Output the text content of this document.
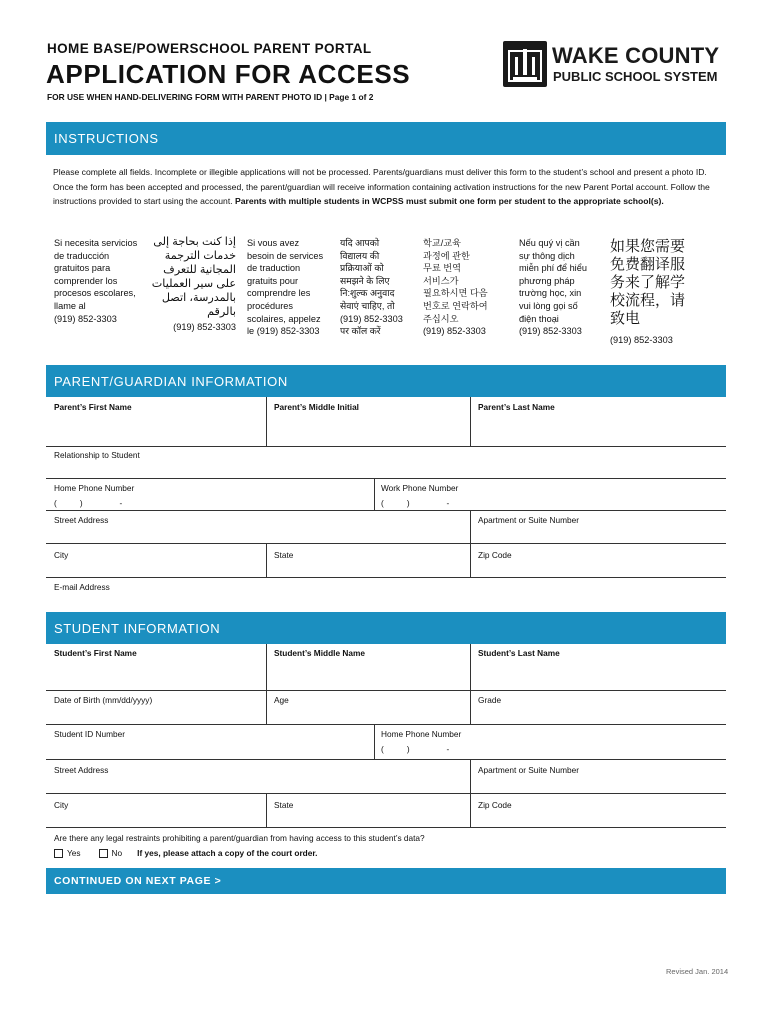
HOME BASE/POWERSCHOOL PARENT PORTAL
APPLICATION FOR ACCESS
FOR USE WHEN HAND-DELIVERING FORM WITH PARENT PHOTO ID | Page 1 of 2
WAKE COUNTY
PUBLIC SCHOOL SYSTEM
INSTRUCTIONS
Please complete all fields. Incomplete or illegible applications will not be processed. Parents/guardians must deliver this form to the student’s school and present a photo ID. Once the form has been accepted and processed, the parent/guardian will receive information containing activation instructions for the new Parent Portal account. Follow the instructions provided to start using the account. Parents with multiple students in WCPSS must submit one form per student to the appropriate school(s).
Si necesita servicios
de traducción
gratuitos para
comprender los
procesos escolares,
llame al
(919) 852-3303
إذا كنت بحاجة إلى
خدمات الترجمة
المجانية للتعرف
على سير العمليات
بالمدرسة، اتصل
بالرقم
(919) 852-3303
Si vous avez
besoin de services
de traduction
gratuits pour
comprendre les
procédures
scolaires, appelez
le (919) 852-3303
यदि आपको
विद्यालय की
प्रक्रियाओं को
समझने के लिए
नि:शुल्क अनुवाद
सेवाएं चाहिए, तो
(919) 852-3303
पर कॉल करें
학교/교육
과정에 관한
무료 번역
서비스가
필요하시면 다음
번호로 연락하여
주십시오
(919) 852-3303
Nếu quý vị cần
sự thông dịch
miễn phí để hiểu
phương pháp
trường học, xin
vui lòng gọi số
điện thoại
(919) 852-3303
如果您需要
免费翻译服
务来了解学
校流程，请
致电
(919) 852-3303
PARENT/GUARDIAN INFORMATION
Parent’s First Name	Parent’s Middle Initial	Parent’s Last Name
Relationship to Student
Home Phone Number
(          )                -
Work Phone Number
(          )                -
Street Address	Apartment or Suite Number
City	State	Zip Code
E-mail Address
STUDENT INFORMATION
Student’s First Name	Student’s Middle Name	Student’s Last Name
Date of Birth (mm/dd/yyyy)	Age	Grade
Student ID Number	Home Phone Number
(          )                -
Street Address	Apartment or Suite Number
City	State	Zip Code
Are there any legal restraints prohibiting a parent/guardian from having access to this student’s data?
Yes	No If yes, please attach a copy of the court order.
CONTINUED ON NEXT PAGE >
Revised Jan. 2014
